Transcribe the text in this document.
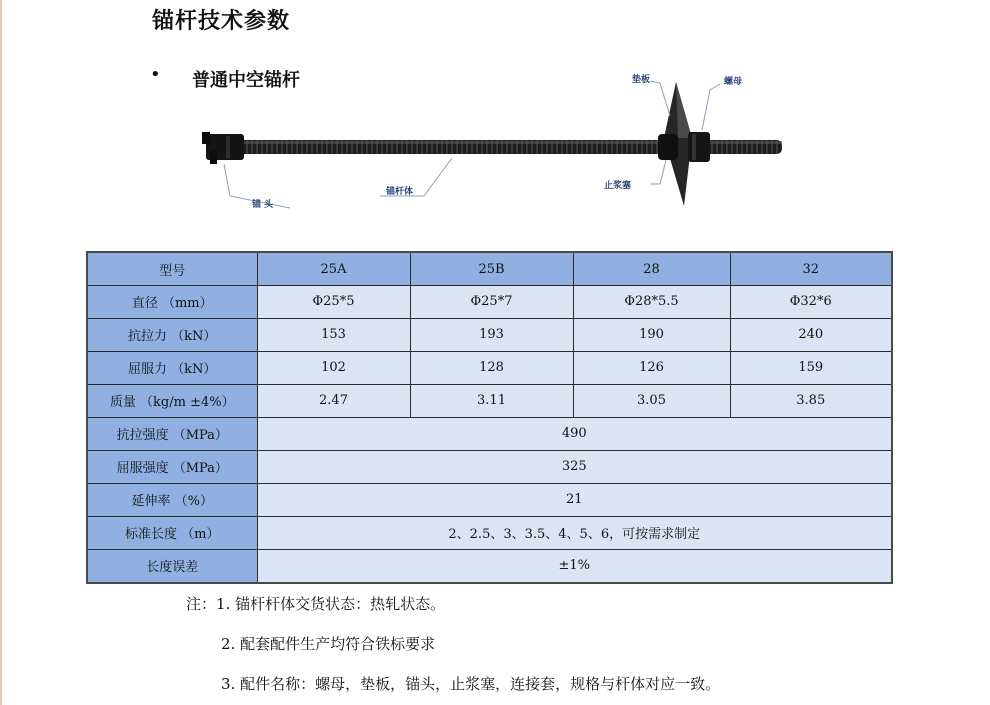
锚杆技术参数
• 普通中空锚杆	垫板	螺母
锚 头
锚杆体
止浆塞
型号	25A	25B	28	32
直径 （mm）	Φ25*5	Φ25*7	Φ28*5.5	Φ32*6
抗拉力 （kN）	153	193	190	240
屈服力 （kN）	102	128	126	159
质量 （kg/m ±4%）	2.47	3.11	3.05	3.85
抗拉强度 （MPa）	490			
屈服强度 （MPa）	325			
延伸率 （%）	21			
标准长度 （m）	2、2.5、3、3.5、4、5、6，可按需求制定			
长度误差	±1%			
注：1. 锚杆杆体交货状态：热轧状态。
2. 配套配件生产均符合铁标要求
3. 配件名称：螺母，垫板，锚头，止浆塞，连接套，规格与杆体对应一致。
